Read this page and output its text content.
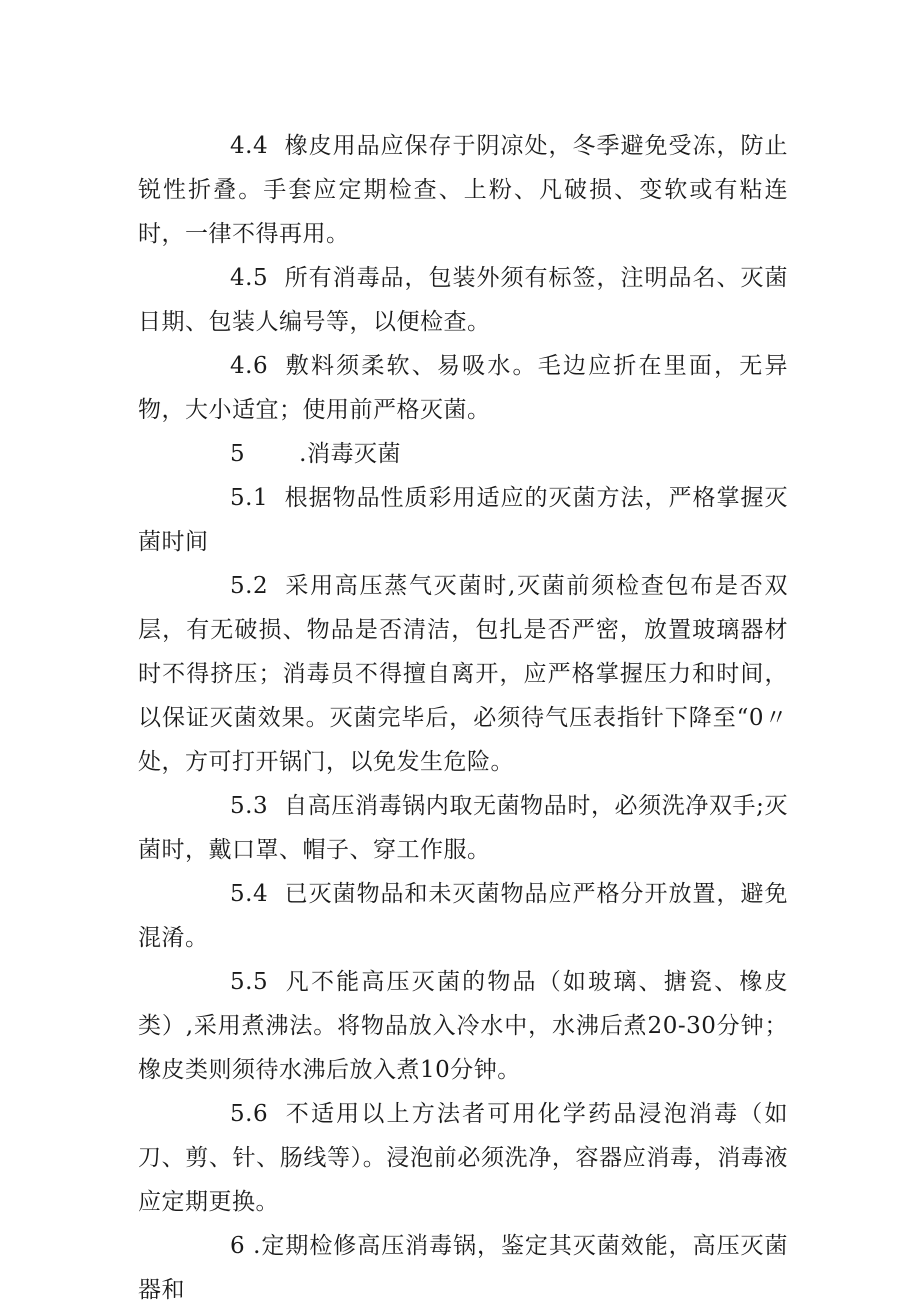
4.4 橡皮用品应保存于阴凉处，冬季避免受冻，防止锐性折叠。手套应定期检查、上粉、凡破损、变软或有粘连时，一律不得再用。

4.5 所有消毒品，包装外须有标签，注明品名、灭菌日期、包装人编号等，以便检查。

4.6 敷料须柔软、易吸水。毛边应折在里面，无异物，大小适宜；使用前严格灭菌。

5 .消毒灭菌

5.1 根据物品性质彩用适应的灭菌方法，严格掌握灭菌时间

5.2 采用高压蒸气灭菌时,灭菌前须检查包布是否双层，有无破损、物品是否清洁，包扎是否严密，放置玻璃器材时不得挤压；消毒员不得擅自离开，应严格掌握压力和时间，以保证灭菌效果。灭菌完毕后，必须待气压表指针下降至“0〃处，方可打开锅门，以免发生危险。

5.3 自高压消毒锅内取无菌物品时，必须洗净双手;灭菌时，戴口罩、帽子、穿工作服。

5.4 已灭菌物品和未灭菌物品应严格分开放置，避免混淆。

5.5 凡不能高压灭菌的物品（如玻璃、搪瓷、橡皮类）,采用煮沸法。将物品放入冷水中，水沸后煮20-30分钟；橡皮类则须待水沸后放入煮10分钟。

5.6 不适用以上方法者可用化学药品浸泡消毒（如刀、剪、针、肠线等）。浸泡前必须洗净，容器应消毒，消毒液应定期更换。

6 .定期检修高压消毒锅，鉴定其灭菌效能，高压灭菌器和
